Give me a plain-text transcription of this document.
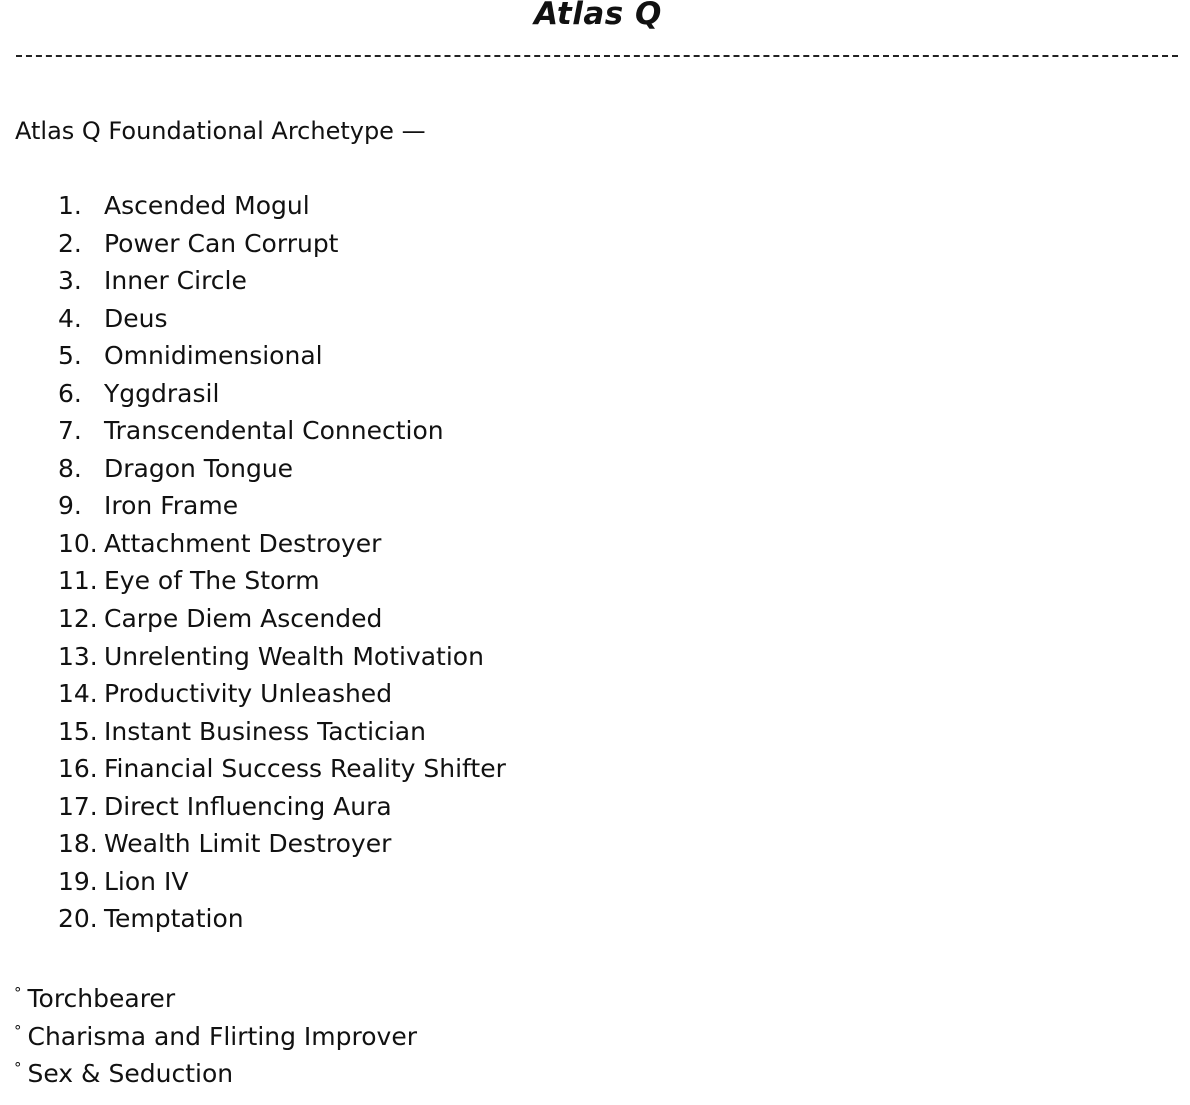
Atlas Q
Atlas Q Foundational Archetype —
1. Ascended Mogul
2. Power Can Corrupt
3. Inner Circle
4. Deus
5. Omnidimensional
6. Yggdrasil
7. Transcendental Connection
8. Dragon Tongue
9. Iron Frame
10. Attachment Destroyer
11. Eye of The Storm
12. Carpe Diem Ascended
13. Unrelenting Wealth Motivation
14. Productivity Unleashed
15. Instant Business Tactician
16. Financial Success Reality Shifter
17. Direct Influencing Aura
18. Wealth Limit Destroyer
19. Lion IV
20. Temptation
° Torchbearer
° Charisma and Flirting Improver
° Sex & Seduction
